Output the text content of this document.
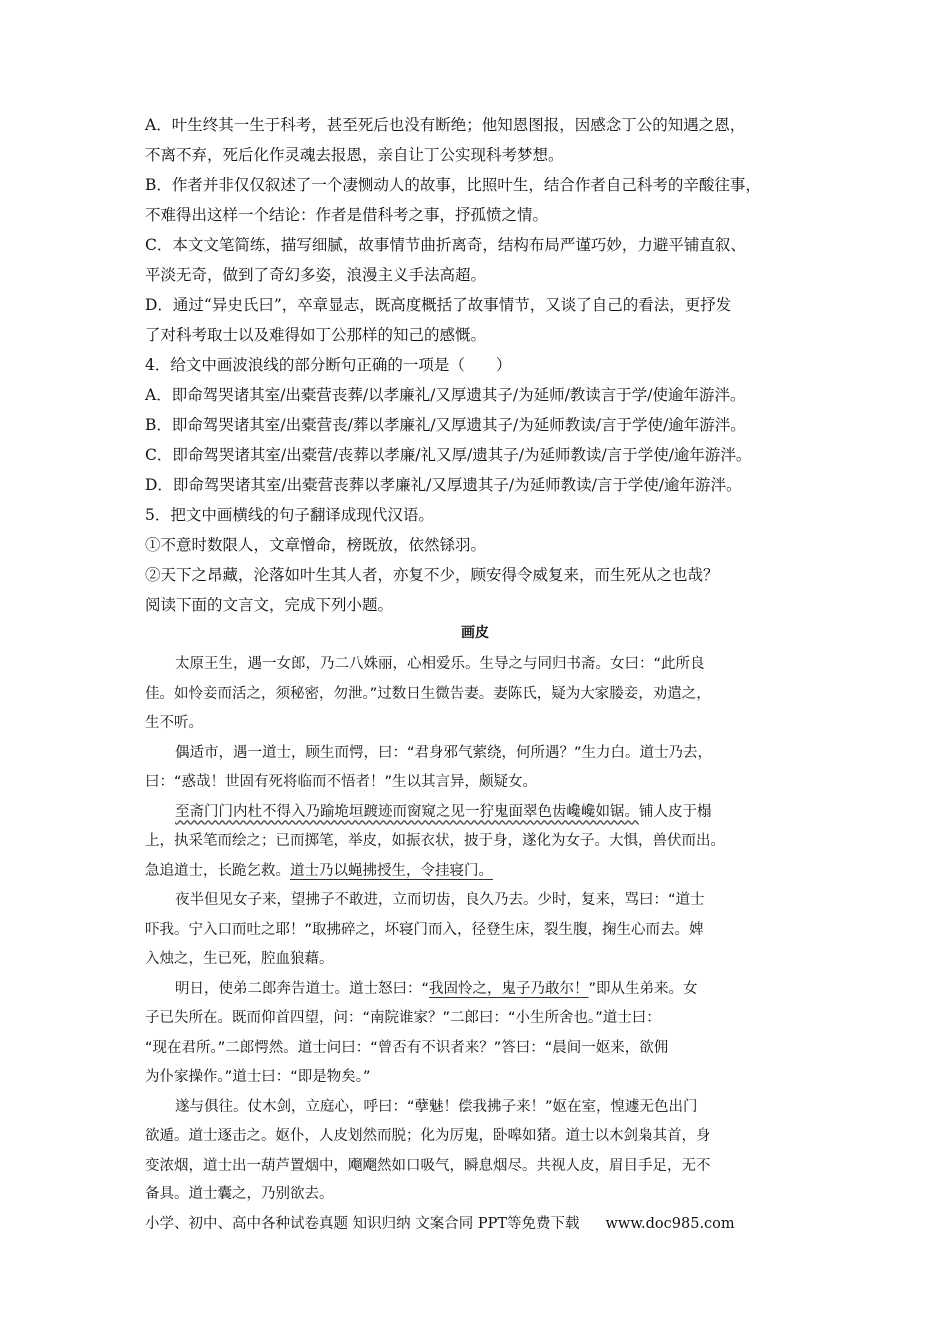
A．叶生终其一生于科考，甚至死后也没有断绝；他知恩图报，因感念丁公的知遇之恩，
不离不弃，死后化作灵魂去报恩，亲自让丁公实现科考梦想。
B．作者并非仅仅叙述了一个凄恻动人的故事，比照叶生，结合作者自己科考的辛酸往事，
不难得出这样一个结论：作者是借科考之事，抒孤愤之情。
C．本文文笔简练，描写细腻，故事情节曲折离奇，结构布局严谨巧妙，力避平铺直叙、
平淡无奇，做到了奇幻多姿，浪漫主义手法高超。
D．通过“异史氏曰”，卒章显志，既高度概括了故事情节，又谈了自己的看法，更抒发
了对科考取士以及难得如丁公那样的知己的感慨。
4．给文中画波浪线的部分断句正确的一项是（　　）
A．即命驾哭诸其室/出橐营丧葬/以孝廉礼/又厚遗其子/为延师/教读言于学/使逾年游泮。
B．即命驾哭诸其室/出橐营丧/葬以孝廉礼/又厚遗其子/为延师教读/言于学使/逾年游泮。
C．即命驾哭诸其室/出橐营/丧葬以孝廉/礼又厚/遗其子/为延师教读/言于学使/逾年游泮。
D．即命驾哭诸其室/出橐营丧葬以孝廉礼/又厚遗其子/为延师教读/言于学使/逾年游泮。
5．把文中画横线的句子翻译成现代汉语。
①不意时数限人，文章憎命，榜既放，依然铩羽。
②天下之昂藏，沦落如叶生其人者，亦复不少，顾安得令威复来，而生死从之也哉？
阅读下面的文言文，完成下列小题。
画皮
太原王生，遇一女郎，乃二八姝丽，心相爱乐。生导之与同归书斋。女曰：“此所良
佳。如怜妾而活之，须秘密，勿泄。”过数日生微告妻。妻陈氏，疑为大家媵妾，劝遣之，
生不听。
偶适市，遇一道士，顾生而愕，曰：“君身邪气萦绕，何所遇？”生力白。道士乃去，
曰：“惑哉！世固有死将临而不悟者！”生以其言异，颇疑女。
至斋门门内杜不得入乃踰垝垣踱迹而窗窥之见一狞鬼面翠色齿巉巉如锯。铺人皮于榻
上，执采笔而绘之；已而掷笔，举皮，如振衣状，披于身，遂化为女子。大惧，兽伏而出。
急追道士，长跪乞救。道士乃以蝇拂授生，令挂寝门。
夜半但见女子来，望拂子不敢进，立而切齿，良久乃去。少时，复来，骂曰：“道士
吓我。宁入口而吐之耶！”取拂碎之，坏寝门而入，径登生床，裂生腹，掬生心而去。婢
入烛之，生已死，腔血狼藉。
明日，使弟二郎奔告道士。道士怒曰：“我固怜之，鬼子乃敢尔！”即从生弟来。女
子已失所在。既而仰首四望，问：“南院谁家？”二郎曰：“小生所舍也。”道士曰：
“现在君所。”二郎愕然。道士问曰：“曾否有不识者来？”答曰：“晨间一妪来，欲佣
为仆家操作。”道士曰：“即是物矣。”
遂与俱往。仗木剑，立庭心，呼曰：“孽魅！偿我拂子来！”妪在室，惶遽无色出门
欲遁。道士逐击之。妪仆，人皮划然而脱；化为厉鬼，卧嗥如猪。道士以木剑枭其首，身
变浓烟，道士出一葫芦置烟中，飗飗然如口吸气，瞬息烟尽。共视人皮，眉目手足，无不
备具。道士囊之，乃别欲去。
小学、初中、高中各种试卷真题 知识归纳 文案合同 PPT等免费下载 www.doc985.com
